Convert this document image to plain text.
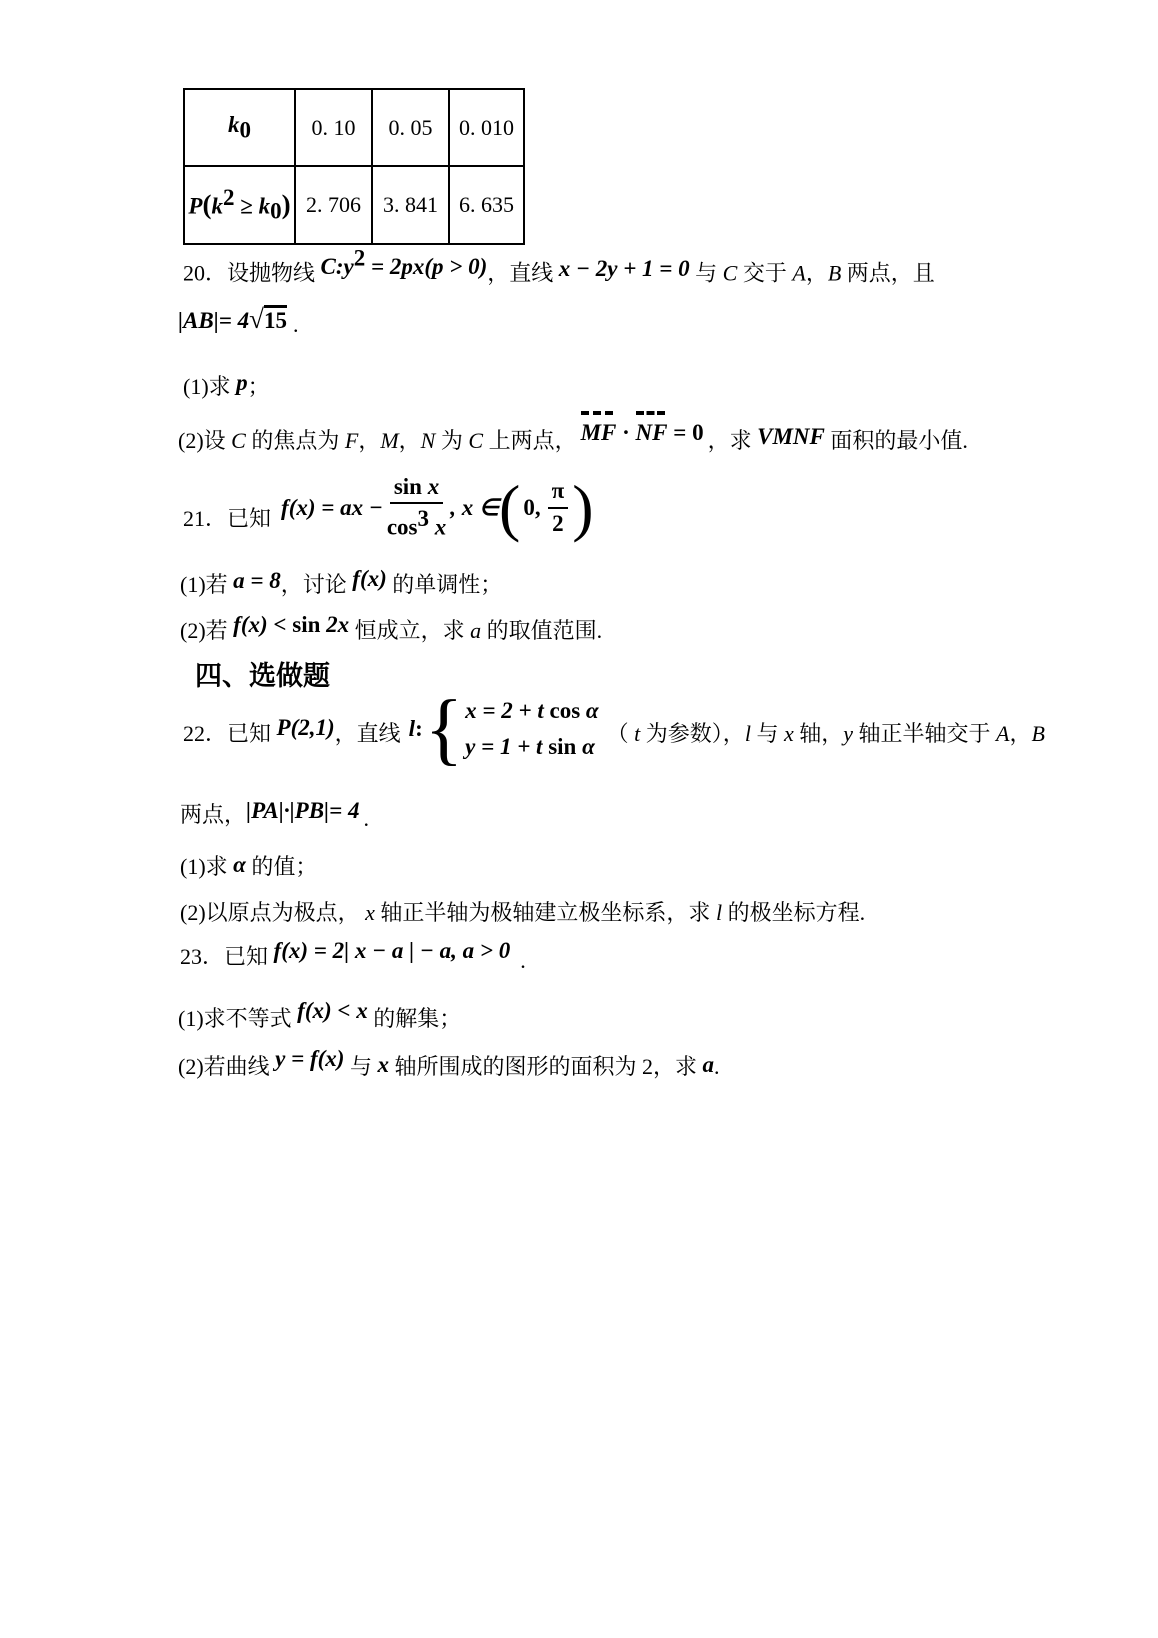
$k_0$	0. 10	0. 05	0. 010
$P(k^2 \ge k_0)$	2. 706	3. 841	6. 635
20．设抛物线 $C:y^2 = 2px(p > 0)$，直线 x − 2y + 1 = 0 与 C 交于 A，B 两点，且
|AB|= 4√15 .
(1)求 p；
(2)设 C 的焦点为 F，M，N 为 C 上两点， MF · NF = 0 ，求 VMNF 面积的最小值.
21． 已知 f(x) = ax − $\frac{\text{sin x}}{\cos^3 x}$ , x ∈ ( 0, $\frac{\pi}{2}$ )
(1)若 a = 8，讨论 f(x) 的单调性；
(2)若 f(x) < sin 2x 恒成立，求 a 的取值范围.
四、选做题
22．已知 P(2,1)，直线 l : { x = 2 + t cos α
y = 1 + t sin α
（ t 为参数），l 与 x 轴，y 轴正半轴交于 A，B
两点，|PA|·|PB|= 4 .
(1)求 α 的值；
(2)以原点为极点， x 轴正半轴为极轴建立极坐标系，求 l 的极坐标方程.
23．已知 f(x) = 2| x − a | − a, a > 0 .
(1)求不等式 f(x) < x 的解集；
(2)若曲线 y = f(x) 与 x 轴所围成的图形的面积为 2，求 a.
